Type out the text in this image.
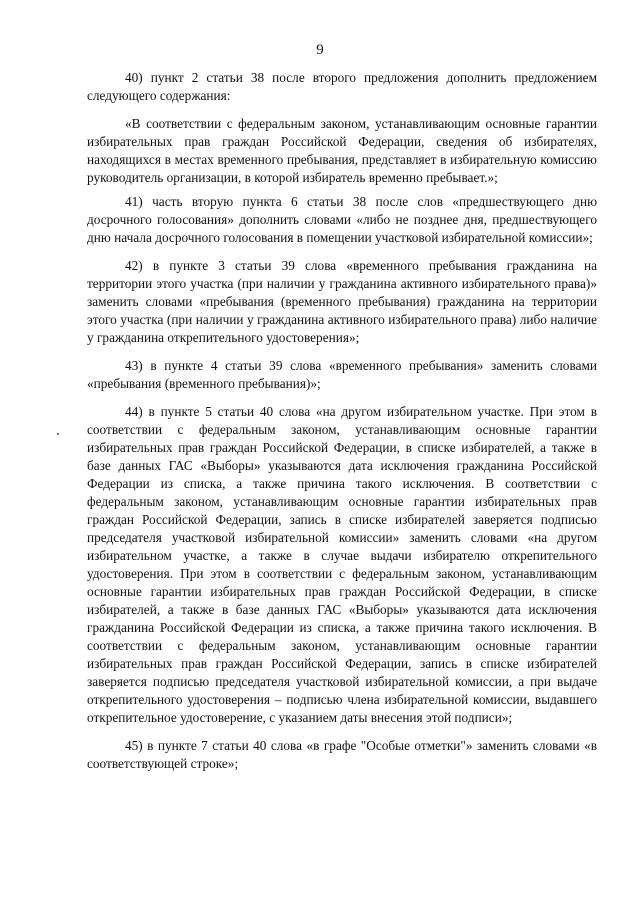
9

40) пункт 2 статьи 38 после второго предложения дополнить предложением следующего содержания:

«В соответствии с федеральным законом, устанавливающим основные гарантии избирательных прав граждан Российской Федерации, сведения об избирателях, находящихся в местах временного пребывания, представляет в избирательную комиссию руководитель организации, в которой избиратель временно пребывает.»;

41) часть вторую пункта 6 статьи 38 после слов «предшествующего дню досрочного голосования» дополнить словами «либо не позднее дня, предшествующего дню начала досрочного голосования в помещении участковой избирательной комиссии»;

42) в пункте 3 статьи 39 слова «временного пребывания гражданина на территории этого участка (при наличии у гражданина активного избирательного права)» заменить словами «пребывания (временного пребывания) гражданина на территории этого участка (при наличии у гражданина активного избирательного права) либо наличие у гражданина открепительного удостоверения»;

43) в пункте 4 статьи 39 слова «временного пребывания» заменить словами «пребывания (временного пребывания)»;

44) в пункте 5 статьи 40 слова «на другом избирательном участке. При этом в соответствии с федеральным законом, устанавливающим основные гарантии избирательных прав граждан Российской Федерации, в списке избирателей, а также в базе данных ГАС «Выборы» указываются дата исключения гражданина Российской Федерации из списка, а также причина такого исключения. В соответствии с федеральным законом, устанавливающим основные гарантии избирательных прав граждан Российской Федерации, запись в списке избирателей заверяется подписью председателя участковой избирательной комиссии» заменить словами «на другом избирательном участке, а также в случае выдачи избирателю открепительного удостоверения. При этом в соответствии с федеральным законом, устанавливающим основные гарантии избирательных прав граждан Российской Федерации, в списке избирателей, а также в базе данных ГАС «Выборы» указываются дата исключения гражданина Российской Федерации из списка, а также причина такого исключения. В соответствии с федеральным законом, устанавливающим основные гарантии избирательных прав граждан Российской Федерации, запись в списке избирателей заверяется подписью председателя участковой избирательной комиссии, а при выдаче открепительного удостоверения – подписью члена избирательной комиссии, выдавшего открепительное удостоверение, с указанием даты внесения этой подписи»;

45) в пункте 7 статьи 40 слова «в графе "Особые отметки"» заменить словами «в соответствующей строке»;
